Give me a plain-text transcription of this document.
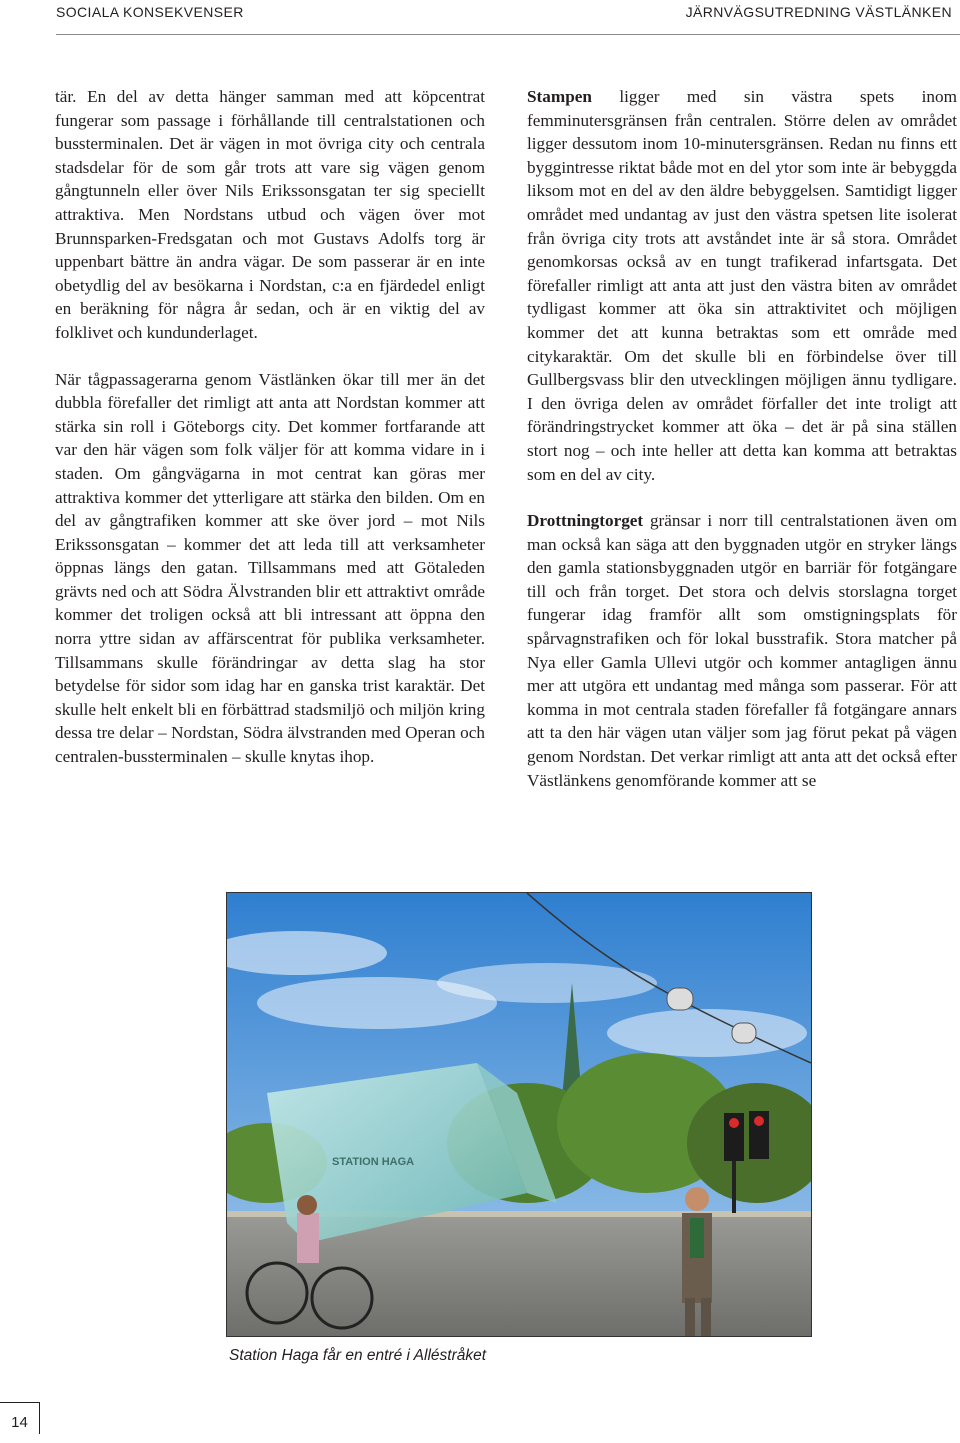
SOCIALA KONSEKVENSER	JÄRNVÄGSUTREDNING VÄSTLÄNKEN

tär. En del av detta hänger samman med att köpcentrat fungerar som passage i förhållande till centralstationen och bussterminalen. Det är vägen in mot övriga city och centrala stadsdelar för de som går trots att vare sig vägen genom gångtunneln eller över Nils Erikssonsgatan ter sig speciellt attraktiva. Men Nordstans utbud och vägen över mot Brunnsparken-Fredsgatan och mot Gustavs Adolfs torg är uppenbart bättre än andra vägar. De som passerar är en inte obetydlig del av besökarna i Nordstan, c:a en fjärdedel enligt en beräkning för några år sedan, och är en viktig del av folklivet och kundunderlaget.

När tågpassagerarna genom Västlänken ökar till mer än det dubbla förefaller det rimligt att anta att Nordstan kommer att stärka sin roll i Göteborgs city. Det kommer fortfarande att var den här vägen som folk väljer för att komma vidare in i staden. Om gångvägarna in mot centrat kan göras mer attraktiva kommer det ytterligare att stärka den bilden. Om en del av gångtrafiken kommer att ske över jord – mot Nils Erikssonsgatan – kommer det att leda till att verksamheter öppnas längs den gatan. Tillsammans med att Götaleden grävts ned och att Södra Älvstranden blir ett attraktivt område kommer det troligen också att bli intressant att öppna den norra yttre sidan av affärscentrat för publika verksamheter. Tillsammans skulle förändringar av detta slag ha stor betydelse för sidor som idag har en ganska trist karaktär. Det skulle helt enkelt bli en förbättrad stadsmiljö och miljön kring dessa tre delar – Nordstan, Södra älvstranden med Operan och centralen-bussterminalen – skulle knytas ihop.

Stampen ligger med sin västra spets inom femminutersgränsen från centralen. Större delen av området ligger dessutom inom 10-minutersgränsen. Redan nu finns ett byggintresse riktat både mot en del ytor som inte är bebyggda liksom mot en del av den äldre bebyggelsen. Samtidigt ligger området med undantag av just den västra spetsen lite isolerat från övriga city trots att avståndet inte är så stora. Området genomkorsas också av en tungt trafikerad infartsgata. Det förefaller rimligt att anta att just den västra biten av området tydligast kommer att öka sin attraktivitet och möjligen kommer det att kunna betraktas som ett område med citykaraktär. Om det skulle bli en förbindelse över till Gullbergsvass blir den utvecklingen möjligen ännu tydligare. I den övriga delen av området förfaller det inte troligt att förändringstrycket kommer att öka – det är på sina ställen stort nog – och inte heller att detta kan komma att betraktas som en del av city.

Drottningtorget gränsar i norr till centralstationen även om man också kan säga att den byggnaden utgör en stryker längs den gamla stationsbyggnaden utgör en barriär för fotgängare till och från torget. Det stora och delvis storslagna torget fungerar idag framför allt som omstigningsplats för spårvagnstrafiken och för lokal busstrafik. Stora matcher på Nya eller Gamla Ullevi utgör och kommer antagligen ännu mer att utgöra ett undantag med många som passerar. För att komma in mot centrala staden förefaller få fotgängare annars att ta den här vägen utan väljer som jag förut pekat på vägen genom Nordstan. Det verkar rimligt att anta att det också efter Västlänkens genomförande kommer att se

STATION HAGA
Station Haga får en entré i Alléstråket
14
